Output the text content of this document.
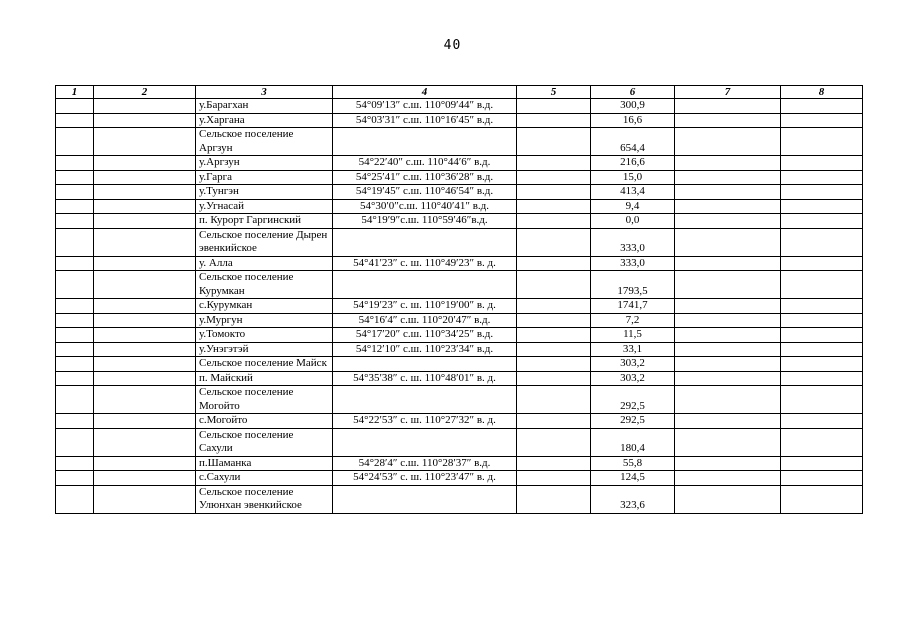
40
1	2	3	4	5	6	7	8
		у.Барагхан	54°09′13″ с.ш. 110°09′44″ в.д.		300,9		
		у.Харгана	54°03′31″ с.ш. 110°16′45″ в.д.		16,6		
		Сельское поселение Аргзун			654,4		
		у.Аргзун	54°22′40″ с.ш. 110°44′6″ в.д.		216,6		
		у.Гарга	54°25′41″ с.ш. 110°36′28″ в.д.		15,0		
		у.Тунгэн	54°19′45″ с.ш. 110°46′54″ в.д.		413,4		
		у.Угнасай	54°30′0″с.ш. 110°40′41″ в.д.		9,4		
		п. Курорт Гаргинский	54°19′9″с.ш. 110°59′46″в.д.		0,0		
		Сельское поселение Дырен эвенкийское			333,0		
		у. Алла	54°41′23″ с. ш. 110°49′23″ в. д.		333,0		
		Сельское поселение Курумкан			1793,5		
		с.Курумкан	54°19′23″ с. ш. 110°19′00″ в. д.		1741,7		
		у.Мургун	54°16′4″ с.ш. 110°20′47″ в.д.		7,2		
		у.Томокто	54°17′20″ с.ш. 110°34′25″ в.д.		11,5		
		у.Унэгэтэй	54°12′10″ с.ш. 110°23′34″ в.д.		33,1		
		Сельское поселение Майск			303,2		
		п. Майский	54°35′38″ с. ш. 110°48′01″ в. д.		303,2		
		Сельское поселение Могойто			292,5		
		с.Могойто	54°22′53″ с. ш. 110°27′32″ в. д.		292,5		
		Сельское поселение Сахули			180,4		
		п.Шаманка	54°28′4″ с.ш. 110°28′37″ в.д.		55,8		
		с.Сахули	54°24′53″ с. ш. 110°23′47″ в. д.		124,5		
		Сельское поселение Улюнхан эвенкийское			323,6		
